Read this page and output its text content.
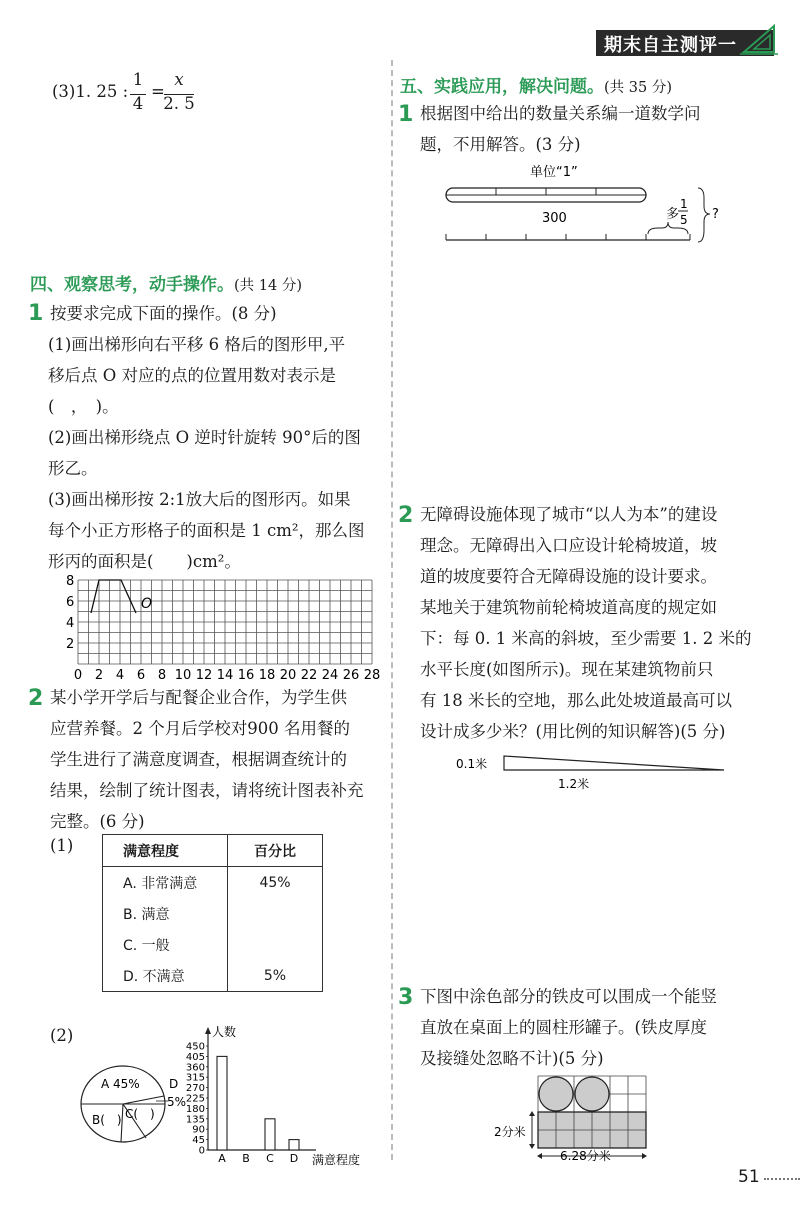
期末自主测评一
(3)1. 25 :
1
4
=
x
2. 5
四、观察思考，动手操作。(共 14 分)
1 按要求完成下面的操作。(8 分)
(1)画出梯形向右平移 6 格后的图形甲,平
移后点 O 对应的点的位置用数对表示是
(　，　)。
(2)画出梯形绕点 O 逆时针旋转 90°后的图
形乙。
(3)画出梯形按 2:1放大后的图形丙。如果
每个小正方形格子的面积是 1 cm²，那么图
形丙的面积是(　　)cm²。
O
8
6
4
2
0 2 4 6 8 10 12 14 16 18 20 22 24 26 28
2 某小学开学后与配餐企业合作，为学生供
应营养餐。2 个月后学校对900 名用餐的
学生进行了满意度调查，根据调查统计的
结果，绘制了统计图表，请将统计图表补充
完整。(6 分)
(1)	满意程度	百分比
A. 非常满意	45%
B. 满意	
C. 一般	
D. 不满意	5%
(2)
A 45%
B(　) C(　)
D
5%
人数
满意程度
450
405
360
315
270
225
180
135
90
45
0
A B C D
五、实践应用，解决问题。(共 35 分)
1 根据图中给出的数量关系编一道数学问
题，不用解答。(3 分)
单位“1”
300	多
1
5 ?
2 无障碍设施体现了城市“以人为本”的建设
理念。无障碍出入口应设计轮椅坡道，坡
道的坡度要符合无障碍设施的设计要求。
某地关于建筑物前轮椅坡道高度的规定如
下：每 0. 1 米高的斜坡，至少需要 1. 2 米的
水平长度(如图所示)。现在某建筑物前只
有 18 米长的空地，那么此处坡道最高可以
设计成多少米？(用比例的知识解答)(5 分)
0.1米
1.2米
3 下图中涂色部分的铁皮可以围成一个能竖
直放在桌面上的圆柱形罐子。(铁皮厚度
及接缝处忽略不计)(5 分)
2分米
6.28分米
51
